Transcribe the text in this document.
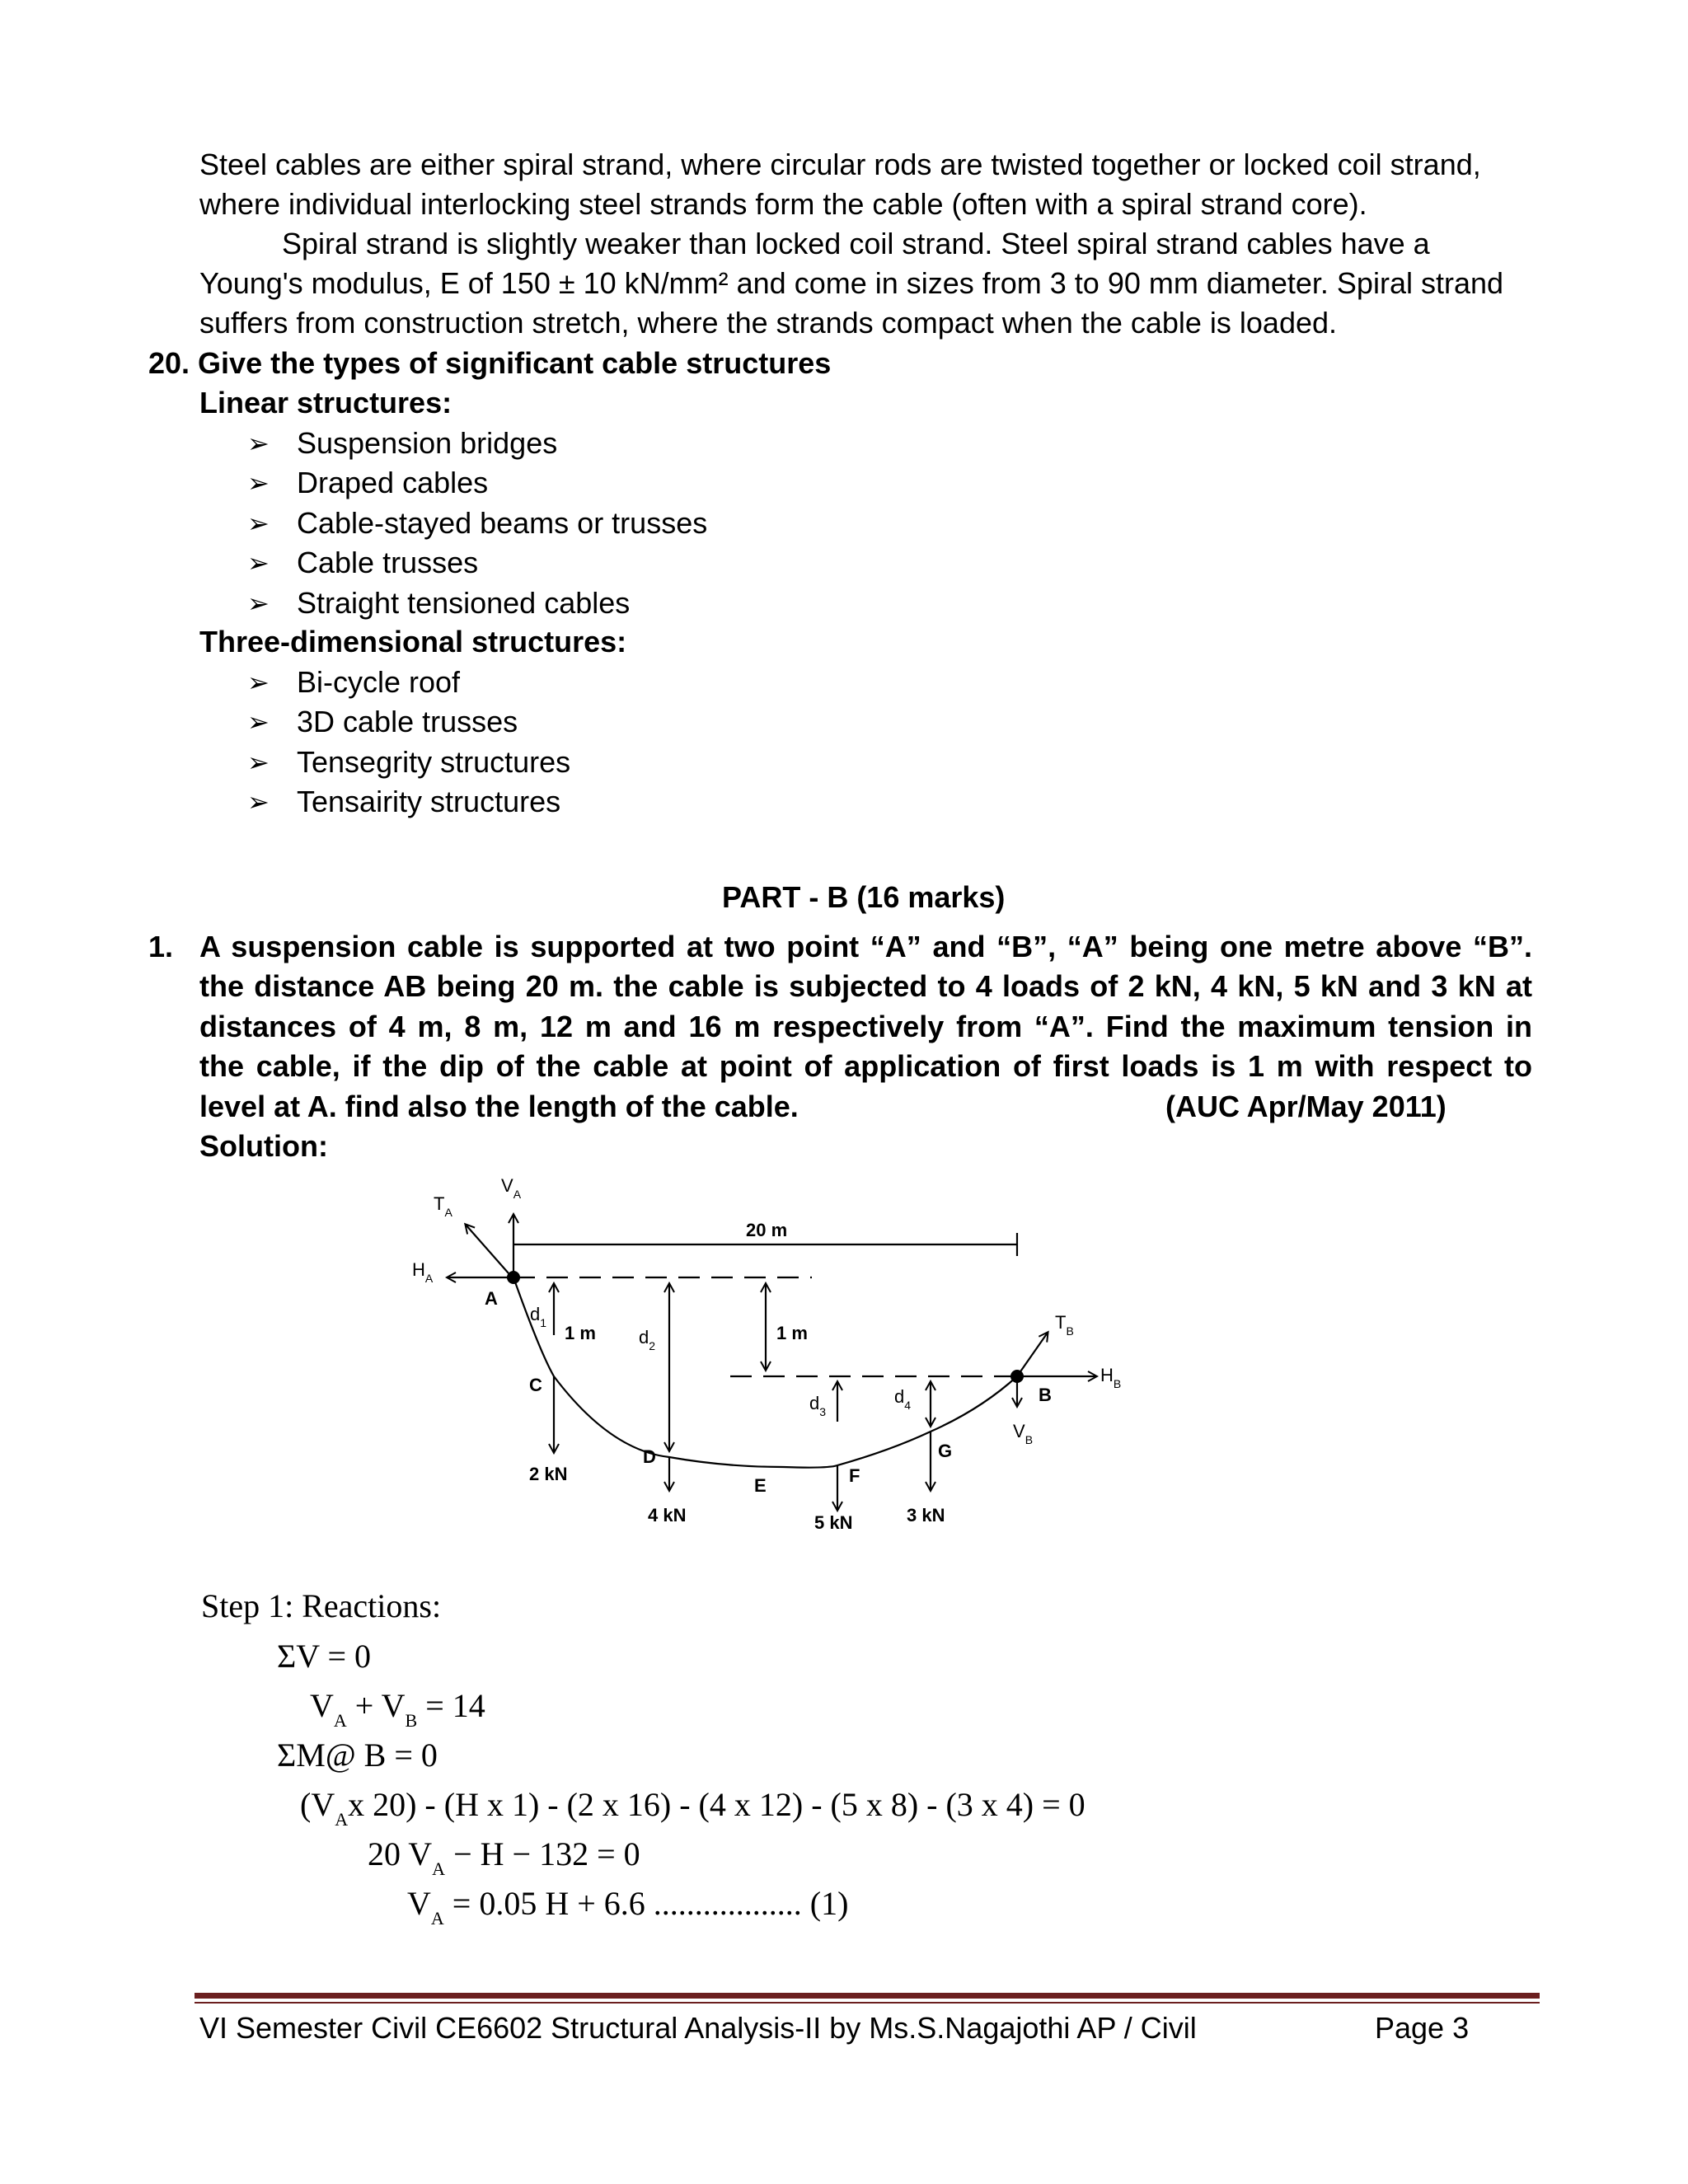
Steel cables are either spiral strand, where circular rods are twisted together or locked coil strand,
where individual interlocking steel strands form the cable (often with a spiral strand core).
Spiral strand is slightly weaker than locked coil strand. Steel spiral strand cables have a
Young's modulus, E of 150 ± 10 kN/mm² and come in sizes from 3 to 90 mm diameter. Spiral strand
suffers from construction stretch, where the strands compact when the cable is loaded.
20. Give the types of significant cable structures
Linear structures:
➢ Suspension bridges
➢ Draped cables
➢ Cable-stayed beams or trusses
➢ Cable trusses
➢ Straight tensioned cables
Three-dimensional structures:
➢ Bi-cycle roof
➢ 3D cable trusses
➢ Tensegrity structures
➢ Tensairity structures
PART - B (16 marks)
1. A suspension cable is supported at two point “A” and “B”, “A” being one metre above “B”.
the distance AB being 20 m. the cable is subjected to 4 loads of 2 kN, 4 kN, 5 kN and 3 kN at
distances of 4 m, 8 m, 12 m and 16 m respectively from “A”. Find the maximum tension in
the cable, if the dip of the cable at point of application of first loads is 1 m with respect to
level at A. find also the length of the cable.	(AUC Apr/May 2011)
Solution:
20 m
1 m	1 m
A
B
C
D
E	F
G
2 kN
4 kN	5 kN	3 kN
$T_A$
$V_A$
$H_A$
$T_B$
$H_B$
$V_B$
$d_1$
$d_2$
$d_3$
$d_4$
Step 1: Reactions:
ΣV = 0
$V_A + V_B = 14$
ΣM@ B = 0
($V_Ax$ 20) - (H x 1) - (2 x 16) - (4 x 12) - (5 x 8) - (3 x 4) = 0
20 $V_A - H - 132 = 0$
$V_A = 0.05$ H + 6.6 .................. (1)
VI Semester Civil CE6602 Structural Analysis-II by Ms.S.Nagajothi AP / Civil	Page 3
